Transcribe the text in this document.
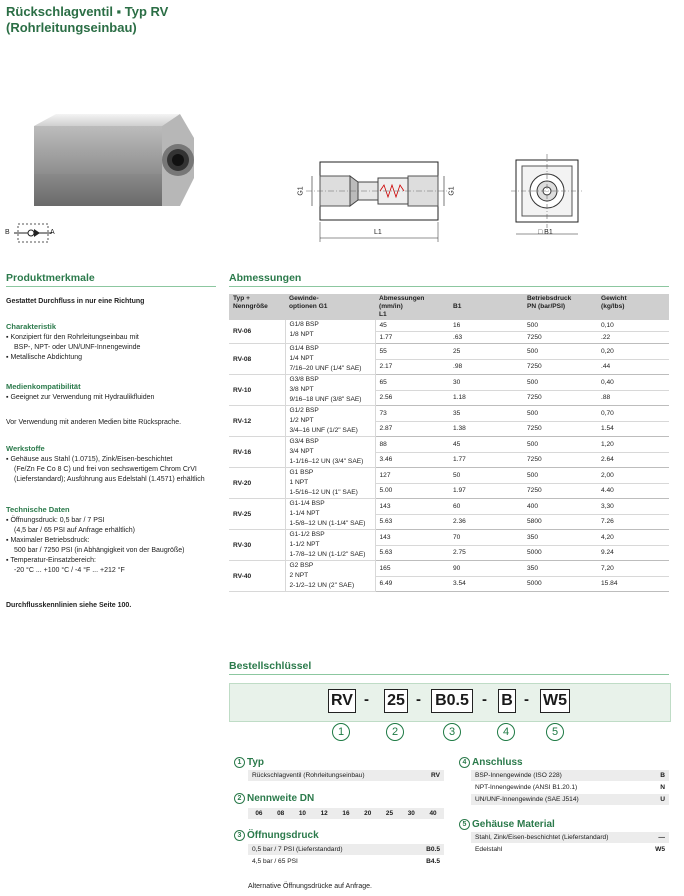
Rückschlagventil ▪ Typ RV
(Rohrleitungseinbau)
B	A
G1	G1
L1	□ B1
Produktmerkmale
Gestattet Durchfluss in nur eine Richtung
Charakteristik
▪ Konzipiert für den Rohrleitungseinbau mit
BSP-, NPT- oder UN/UNF-Innengewinde
▪ Metallische Abdichtung
Medienkompatibilität
▪ Geeignet zur Verwendung mit Hydraulikfluiden
Vor Verwendung mit anderen Medien bitte Rücksprache.
Werkstoffe
▪ Gehäuse aus Stahl (1.0715), Zink/Eisen-beschichtet
(Fe/Zn Fe Co 8 C) und frei von sechswertigem Chrom CrVI
(Lieferstandard); Ausführung aus Edelstahl (1.4571) erhältlich
Technische Daten
▪ Öffnungsdruck: 0,5 bar / 7 PSI
(4,5 bar / 65 PSI auf Anfrage erhältlich)
▪ Maximaler Betriebsdruck:
500 bar / 7250 PSI (in Abhängigkeit von der Baugröße)
▪ Temperatur-Einsatzbereich:
-20 °C ... +100 °C / -4 °F ... +212 °F
Durchflusskennlinien siehe Seite 100.
Abmessungen
Typ +
Nenngröße	Gewinde-
optionen G1	Abmessungen (mm/in)
L1	B1	Betriebsdruck
PN (bar/PSI)	Gewicht
(kg/lbs)
RV-06	G1/8 BSP
1/8 NPT	45	16	500	0,10
		1.77	.63	7250	.22
RV-08	G1/4 BSP
1/4 NPT
7/16–20 UNF (1/4" SAE)	55	25	500	0,20
		2.17	.98	7250	.44
RV-10	G3/8 BSP
3/8 NPT
9/16–18 UNF (3/8" SAE)	65	30	500	0,40
		2.56	1.18	7250	.88
RV-12	G1/2 BSP
1/2 NPT
3/4–16 UNF (1/2" SAE)	73	35	500	0,70
		2.87	1.38	7250	1.54
RV-16	G3/4 BSP
3/4 NPT
1-1/16–12 UN (3/4" SAE)	88	45	500	1,20
		3.46	1.77	7250	2.64
RV-20	G1 BSP
1 NPT
1-5/16–12 UN (1" SAE)	127	50	500	2,00
		5.00	1.97	7250	4.40
RV-25	G1-1/4 BSP
1-1/4 NPT
1-5/8–12 UN (1-1/4" SAE)	143	60	400	3,30
		5.63	2.36	5800	7.26
RV-30	G1-1/2 BSP
1-1/2 NPT
1-7/8–12 UN (1-1/2" SAE)	143	70	350	4,20
		5.63	2.75	5000	9.24
RV-40	G2 BSP
2 NPT
2-1/2–12 UN (2" SAE)	165	90	350	7,20
		6.49	3.54	5000	15.84
Bestellschlüssel
RV - 25 - B0.5 - B - W5
1	2	3	4	5
1 Typ
Rückschlagventil (Rohrleitungseinbau)	RV
2 Nennweite DN
06 08 10 12 16 20 25 30 40
3 Öffnungsdruck
0,5 bar / 7 PSI (Lieferstandard)	B0.5
4,5 bar / 65 PSI	B4.5
Alternative Öffnungsdrücke auf Anfrage.
4 Anschluss
BSP-Innengewinde (ISO 228)	B
NPT-Innengewinde (ANSI B1.20.1)	N
UN/UNF-Innengewinde (SAE J514)	U
5 Gehäuse Material
Stahl, Zink/Eisen-beschichtet (Lieferstandard)	—
Edelstahl	W5
